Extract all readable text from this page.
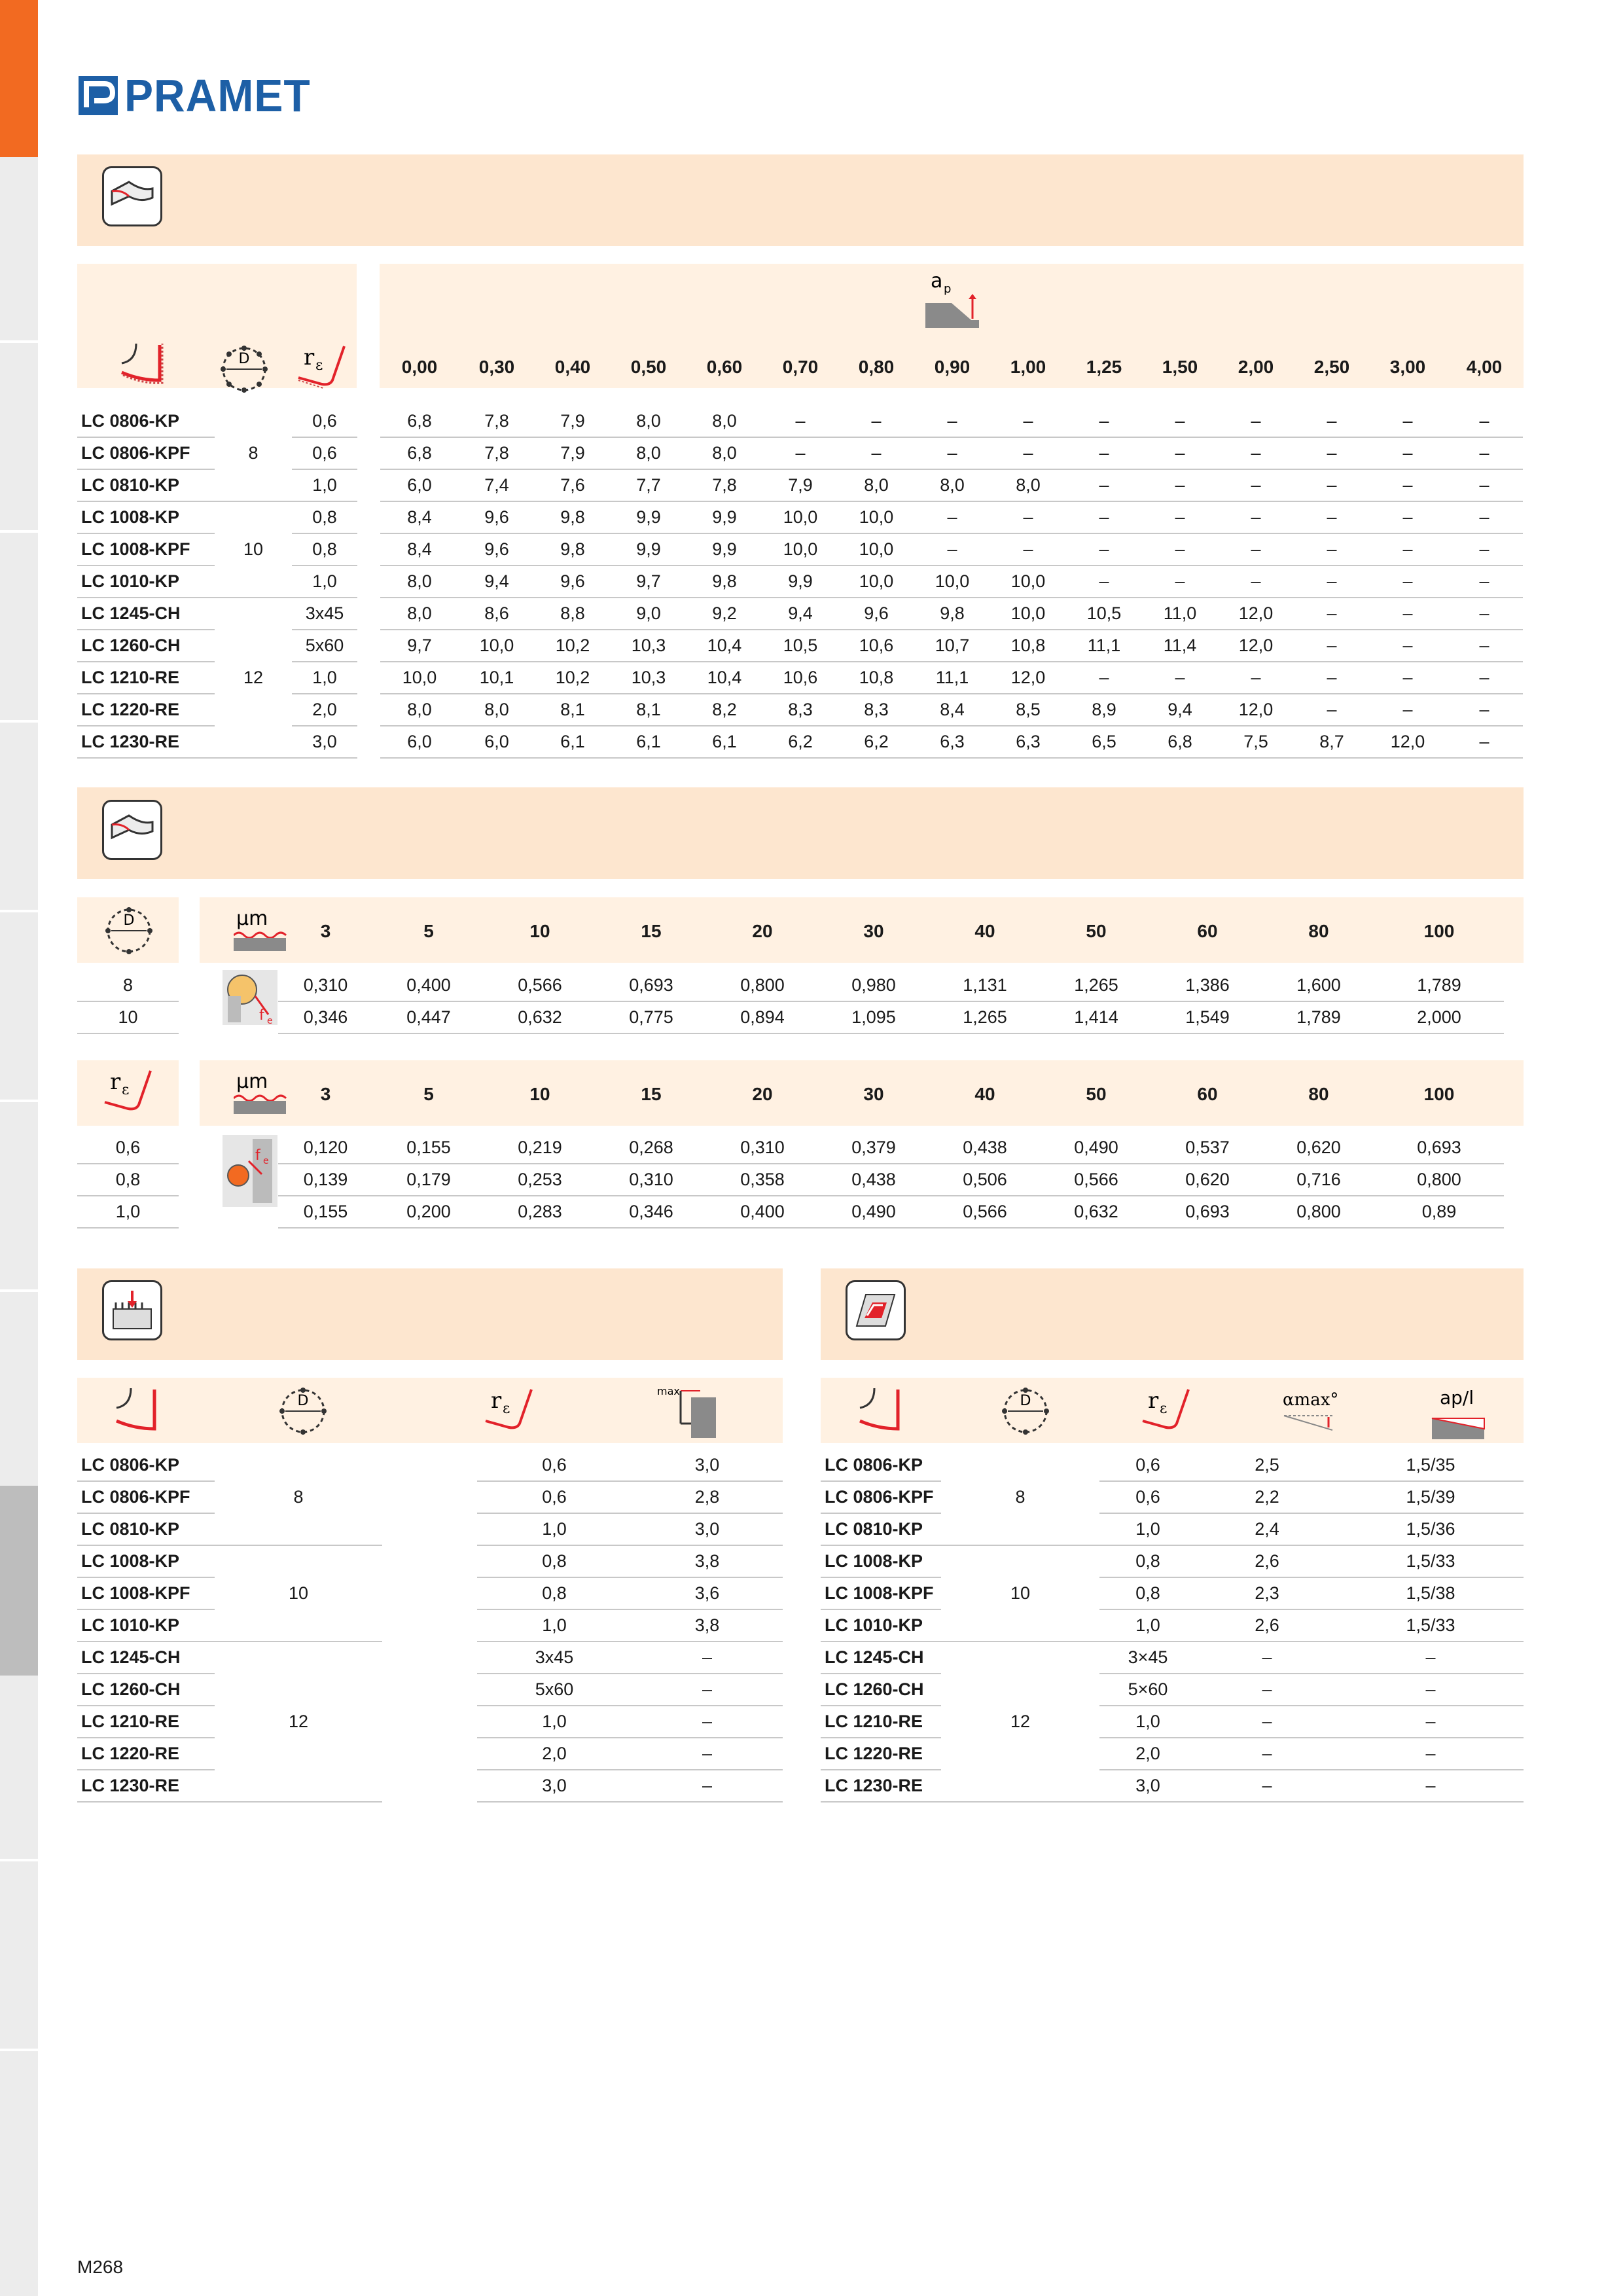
PRAMET
D r ε
a p
0,00	0,30	0,40	0,50	0,60	0,70	0,80	0,90	1,00	1,25	1,50	2,00	2,50	3,00	4,00
LC 0806-KP		0,6		6,8	7,8	7,9	8,0	8,0	–	–	–	–	–	–	–	–	–	–
LC 0806-KPF	8	0,6		6,8	7,8	7,9	8,0	8,0	–	–	–	–	–	–	–	–	–	–
LC 0810-KP		1,0		6,0	7,4	7,6	7,7	7,8	7,9	8,0	8,0	8,0	–	–	–	–	–	–
LC 1008-KP		0,8		8,4	9,6	9,8	9,9	9,9	10,0	10,0	–	–	–	–	–	–	–	–
LC 1008-KPF	10	0,8		8,4	9,6	9,8	9,9	9,9	10,0	10,0	–	–	–	–	–	–	–	–
LC 1010-KP		1,0		8,0	9,4	9,6	9,7	9,8	9,9	10,0	10,0	10,0	–	–	–	–	–	–
LC 1245-CH		3x45		8,0	8,6	8,8	9,0	9,2	9,4	9,6	9,8	10,0	10,5	11,0	12,0	–	–	–
LC 1260-CH		5x60		9,7	10,0	10,2	10,3	10,4	10,5	10,6	10,7	10,8	11,1	11,4	12,0	–	–	–
LC 1210-RE	12	1,0		10,0	10,1	10,2	10,3	10,4	10,6	10,8	11,1	12,0	–	–	–	–	–	–
LC 1220-RE		2,0		8,0	8,0	8,1	8,1	8,2	8,3	8,3	8,4	8,5	8,9	9,4	12,0	–	–	–
LC 1230-RE		3,0		6,0	6,0	6,1	6,1	6,1	6,2	6,2	6,3	6,3	6,5	6,8	7,5	8,7	12,0	–
D	µm
3	5	10	15	20	30	40	50	60	80	100
f e
8			0,310	0,400	0,566	0,693	0,800	0,980	1,131	1,265	1,386	1,600	1,789
10			0,346	0,447	0,632	0,775	0,894	1,095	1,265	1,414	1,549	1,789	2,000
r ε	µm
3	5	10	15	20	30	40	50	60	80	100
f e
0,6			0,120	0,155	0,219	0,268	0,310	0,379	0,438	0,490	0,537	0,620	0,693
0,8			0,139	0,179	0,253	0,310	0,358	0,438	0,506	0,566	0,620	0,716	0,800
1,0			0,155	0,200	0,283	0,346	0,400	0,490	0,566	0,632	0,693	0,800	0,89
D	r ε
max
LC 0806-KP			0,6	3,0
LC 0806-KPF	8		0,6	2,8
LC 0810-KP			1,0	3,0
LC 1008-KP			0,8	3,8
LC 1008-KPF	10		0,8	3,6
LC 1010-KP			1,0	3,8
LC 1245-CH			3x45	–
LC 1260-CH			5x60	–
LC 1210-RE	12		1,0	–
LC 1220-RE			2,0	–
LC 1230-RE			3,0	–
D	r ε	αmax°	ap/l
LC 0806-KP		0,6	2,5	1,5/35
LC 0806-KPF	8	0,6	2,2	1,5/39
LC 0810-KP		1,0	2,4	1,5/36
LC 1008-KP		0,8	2,6	1,5/33
LC 1008-KPF	10	0,8	2,3	1,5/38
LC 1010-KP		1,0	2,6	1,5/33
LC 1245-CH		3×45	–	–
LC 1260-CH		5×60	–	–
LC 1210-RE	12	1,0	–	–
LC 1220-RE		2,0	–	–
LC 1230-RE		3,0	–	–
M268
